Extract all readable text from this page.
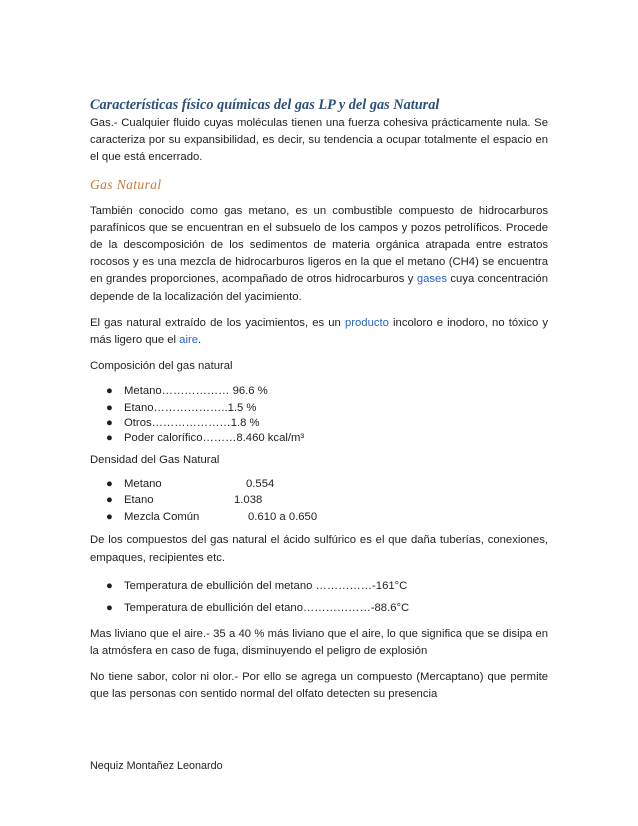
Características físico químicas del gas LP y del gas Natural

Gas.- Cualquier fluido cuyas moléculas tienen una fuerza cohesiva prácticamente nula. Se caracteriza por su expansibilidad, es decir, su tendencia a ocupar totalmente el espacio en el que está encerrado.

Gas Natural

También conocido como gas metano, es un combustible compuesto de hidrocarburos parafínicos que se encuentran en el subsuelo de los campos y pozos petrolíficos. Procede de la descomposición de los sedimentos de materia orgánica atrapada entre estratos rocosos y es una mezcla de hidrocarburos ligeros en la que el metano (CH4) se encuentra en grandes proporciones, acompañado de otros hidrocarburos y gases cuya concentración depende de la localización del yacimiento.

El gas natural extraído de los yacimientos, es un producto incoloro e inodoro, no tóxico y más ligero que el aire.

Composición del gas natural

● Metano……………… 96.6 %
● Etano………………..1.5 %
● Otros…………………1.8 %
● Poder calorífico………8.460 kcal/m³

Densidad del Gas Natural

● Metano	0.554
● Etano	1.038
● Mezcla Común	0.610 a 0.650

De los compuestos del gas natural el ácido sulfúrico es el que daña tuberías, conexiones, empaques, recipientes etc.

● Temperatura de ebullición del metano ……………-161°C
● Temperatura de ebullición del etano………………-88.6°C

Mas liviano que el aire.- 35 a 40 % más liviano que el aire, lo que significa que se disipa en la atmósfera en caso de fuga, disminuyendo el peligro de explosión

No tiene sabor, color ni olor.- Por ello se agrega un compuesto (Mercaptano) que permite que las personas con sentido normal del olfato detecten su presencia

Nequiz Montañez Leonardo
